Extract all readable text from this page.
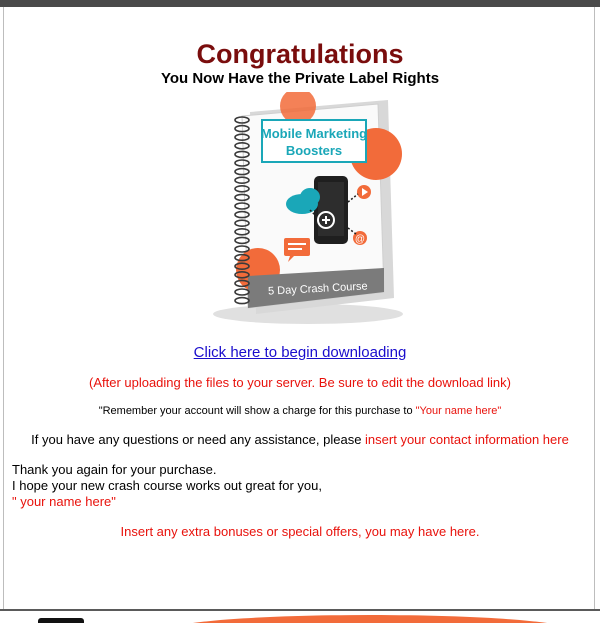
Congratulations
You Now Have the Private Label Rights
Mobile Marketing
Boosters
@
5 Day Crash Course
Click here to begin downloading
(After uploading the files to your server. Be sure to edit the download link)
"Remember your account will show a charge for this purchase to "Your name here"
If you have any questions or need any assistance, please insert your contact information here
Thank you again for your purchase.
I hope your new crash course works out great for you,
" your name here"
Insert any extra bonuses or special offers, you may have here.
